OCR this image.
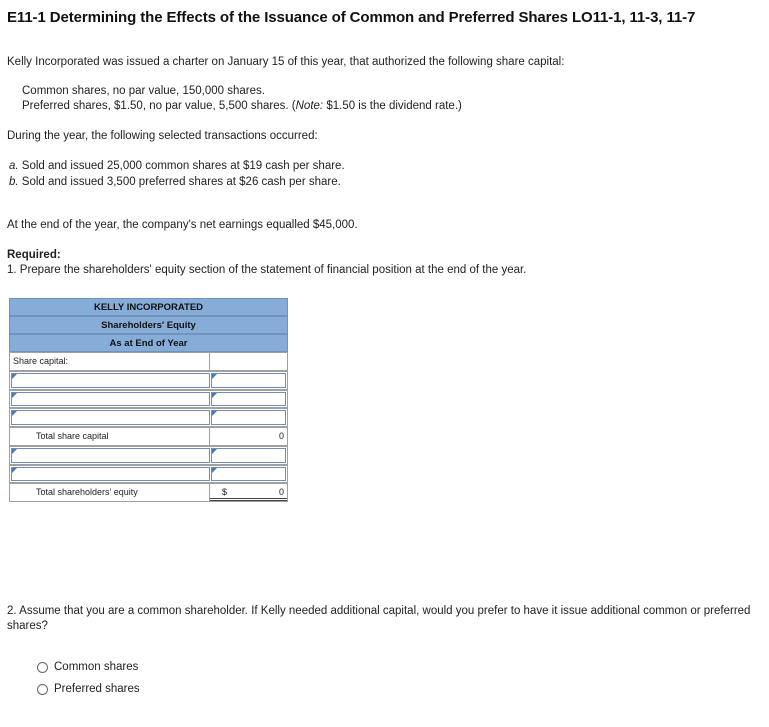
E11-1 Determining the Effects of the Issuance of Common and Preferred Shares LO11-1, 11-3, 11-7
Kelly Incorporated was issued a charter on January 15 of this year, that authorized the following share capital:
Common shares, no par value, 150,000 shares.
Preferred shares, $1.50, no par value, 5,500 shares. (Note: $1.50 is the dividend rate.)
During the year, the following selected transactions occurred:
a. Sold and issued 25,000 common shares at $19 cash per share.
b. Sold and issued 3,500 preferred shares at $26 cash per share.
At the end of the year, the company's net earnings equalled $45,000.
Required:
1. Prepare the shareholders' equity section of the statement of financial position at the end of the year.
KELLY INCORPORATED
Shareholders' Equity
As at End of Year
Share capital:
Total share capital	0
Total shareholders' equity	$	0
2. Assume that you are a common shareholder. If Kelly needed additional capital, would you prefer to have it issue additional common or preferred shares?
Common shares
Preferred shares
